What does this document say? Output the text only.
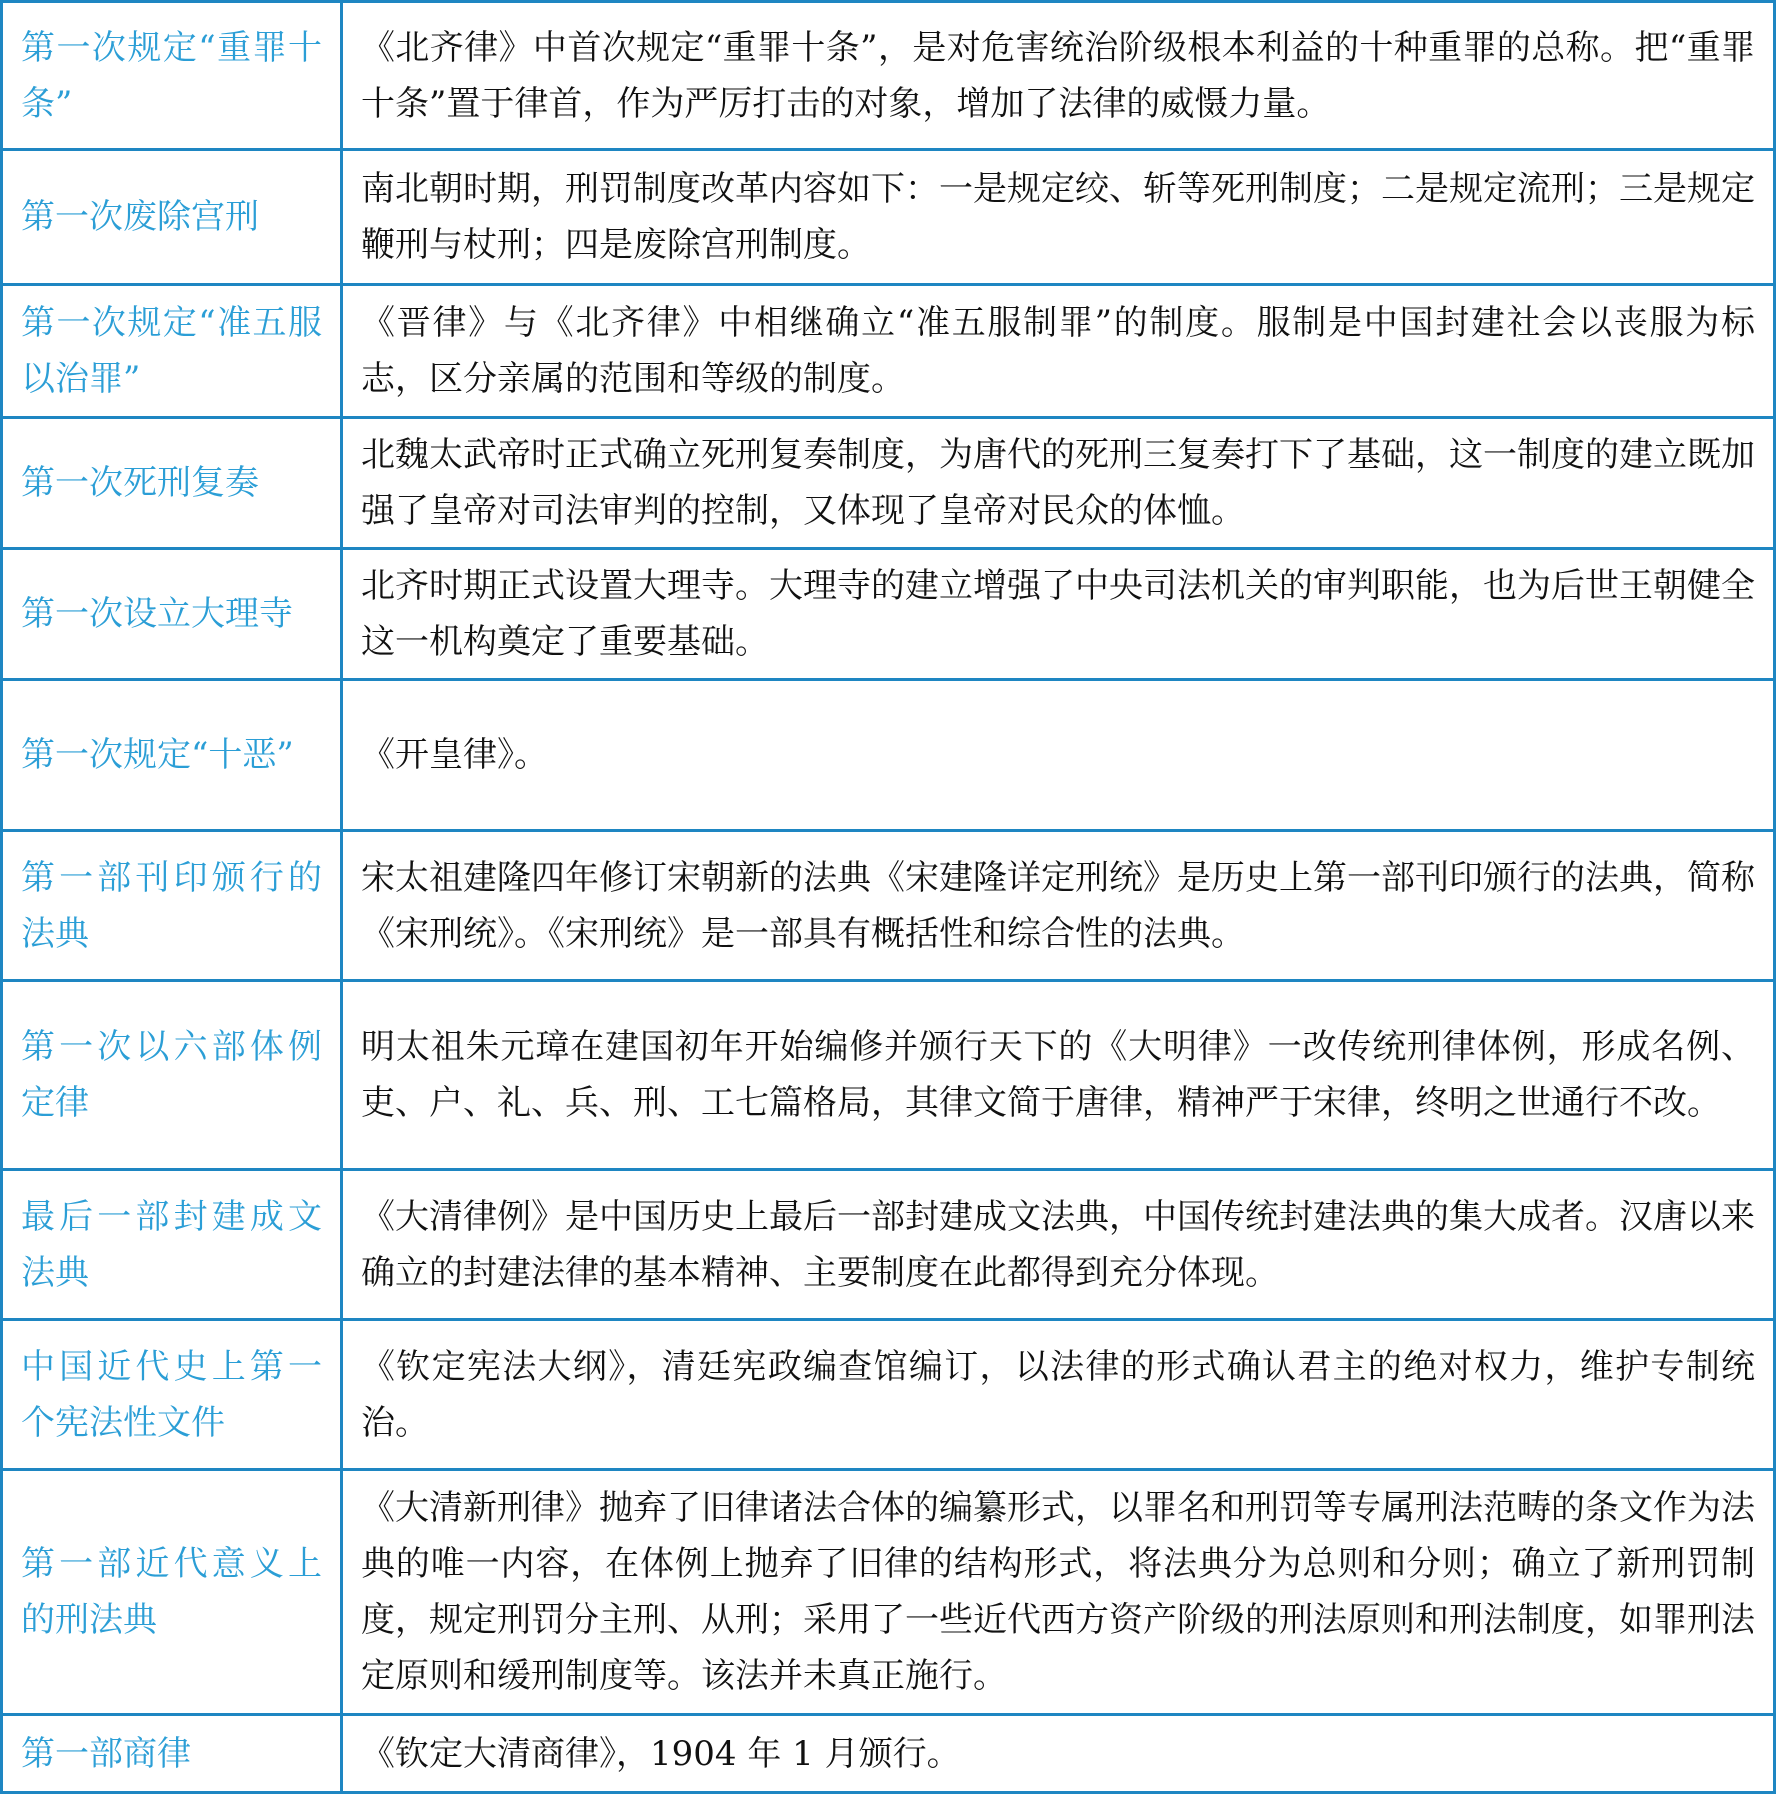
第一次规定“重罪十条”	《北齐律》中首次规定“重罪十条”，是对危害统治阶级根本利益的十种重罪的总称。把“重罪十条”置于律首，作为严厉打击的对象，增加了法律的威慑力量。
第一次废除宫刑	南北朝时期，刑罚制度改革内容如下：一是规定绞、斩等死刑制度；二是规定流刑；三是规定鞭刑与杖刑；四是废除宫刑制度。
第一次规定“准五服以治罪”	《晋律》与《北齐律》中相继确立“准五服制罪”的制度。服制是中国封建社会以丧服为标志，区分亲属的范围和等级的制度。
第一次死刑复奏	北魏太武帝时正式确立死刑复奏制度，为唐代的死刑三复奏打下了基础，这一制度的建立既加强了皇帝对司法审判的控制，又体现了皇帝对民众的体恤。
第一次设立大理寺	北齐时期正式设置大理寺。大理寺的建立增强了中央司法机关的审判职能，也为后世王朝健全这一机构奠定了重要基础。
第一次规定“十恶”	《开皇律》。
第一部刊印颁行的法典	宋太祖建隆四年修订宋朝新的法典《宋建隆详定刑统》是历史上第一部刊印颁行的法典，简称《宋刑统》。《宋刑统》是一部具有概括性和综合性的法典。
第一次以六部体例定律	明太祖朱元璋在建国初年开始编修并颁行天下的《大明律》一改传统刑律体例，形成名例、吏、户、礼、兵、刑、工七篇格局，其律文简于唐律，精神严于宋律，终明之世通行不改。
最后一部封建成文法典	《大清律例》是中国历史上最后一部封建成文法典，中国传统封建法典的集大成者。汉唐以来确立的封建法律的基本精神、主要制度在此都得到充分体现。
中国近代史上第一个宪法性文件	《钦定宪法大纲》，清廷宪政编查馆编订，以法律的形式确认君主的绝对权力，维护专制统治。
第一部近代意义上的刑法典	《大清新刑律》抛弃了旧律诸法合体的编纂形式，以罪名和刑罚等专属刑法范畴的条文作为法典的唯一内容，在体例上抛弃了旧律的结构形式，将法典分为总则和分则；确立了新刑罚制度，规定刑罚分主刑、从刑；采用了一些近代西方资产阶级的刑法原则和刑法制度，如罪刑法定原则和缓刑制度等。该法并未真正施行。
第一部商律	《钦定大清商律》，1904 年 1 月颁行。
